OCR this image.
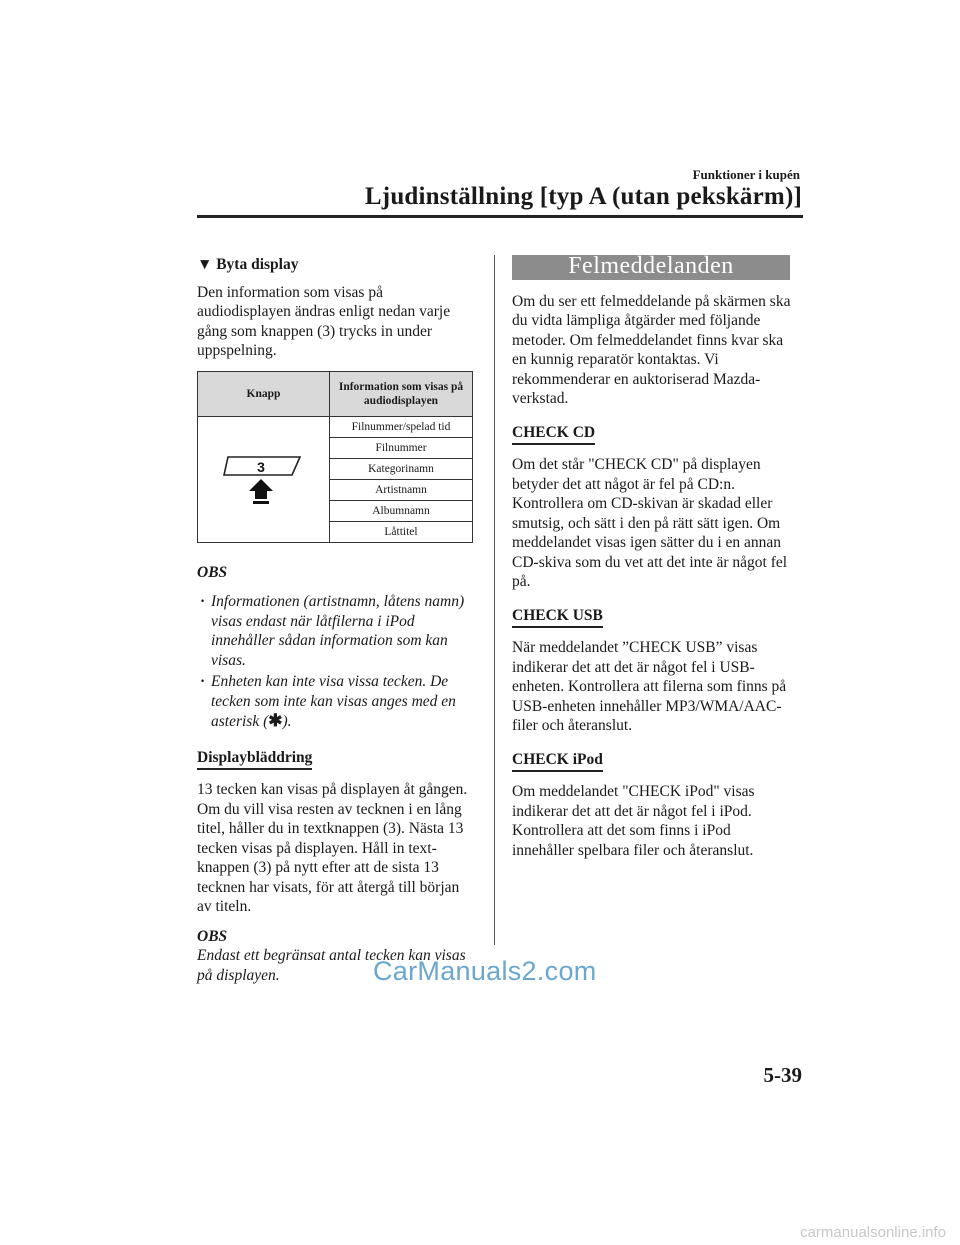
Funktioner i kupén
Ljudinställning [typ A (utan pekskärm)]
▼ Byta display

Den information som visas på audiodisplayen ändras enligt nedan varje gång som knappen (3) trycks in under uppspelning.

Knapp	Information som visas på audiodisplayen

3	Filnummer/spelad tid
	Filnummer
	Kategorinamn
	Artistnamn
	Albumnamn
	Låttitel
OBS
· Informationen (artistnamn, låtens namn) visas endast när låtfilerna i iPod innehåller sådan information som kan visas.
· Enheten kan inte visa vissa tecken. De tecken som inte kan visas anges med en asterisk (✱).
Displaybläddring

13 tecken kan visas på displayen åt gången. Om du vill visa resten av tecknen i en lång titel, håller du in textknappen (3). Nästa 13 tecken visas på displayen. Håll in text-knappen (3) på nytt efter att de sista 13 tecknen har visats, för att återgå till början av titeln.

OBS
Endast ett begränsat antal tecken kan visas på displayen.
Felmeddelanden

Om du ser ett felmeddelande på skärmen ska du vidta lämpliga åtgärder med följande metoder. Om felmeddelandet finns kvar ska en kunnig reparatör kontaktas. Vi rekommenderar en auktoriserad Mazda-verkstad.

CHECK CD

Om det står "CHECK CD" på displayen betyder det att något är fel på CD:n. Kontrollera om CD-skivan är skadad eller smutsig, och sätt i den på rätt sätt igen. Om meddelandet visas igen sätter du i en annan CD-skiva som du vet att det inte är något fel på.

CHECK USB

När meddelandet ”CHECK USB” visas indikerar det att det är något fel i USB-enheten. Kontrollera att filerna som finns på USB-enheten innehåller MP3/WMA/AAC-filer och återanslut.

CHECK iPod

Om meddelandet "CHECK iPod" visas indikerar det att det är något fel i iPod. Kontrollera att det som finns i iPod innehåller spelbara filer och återanslut.

CarManuals2.com
5-39
carmanualsonline.info
